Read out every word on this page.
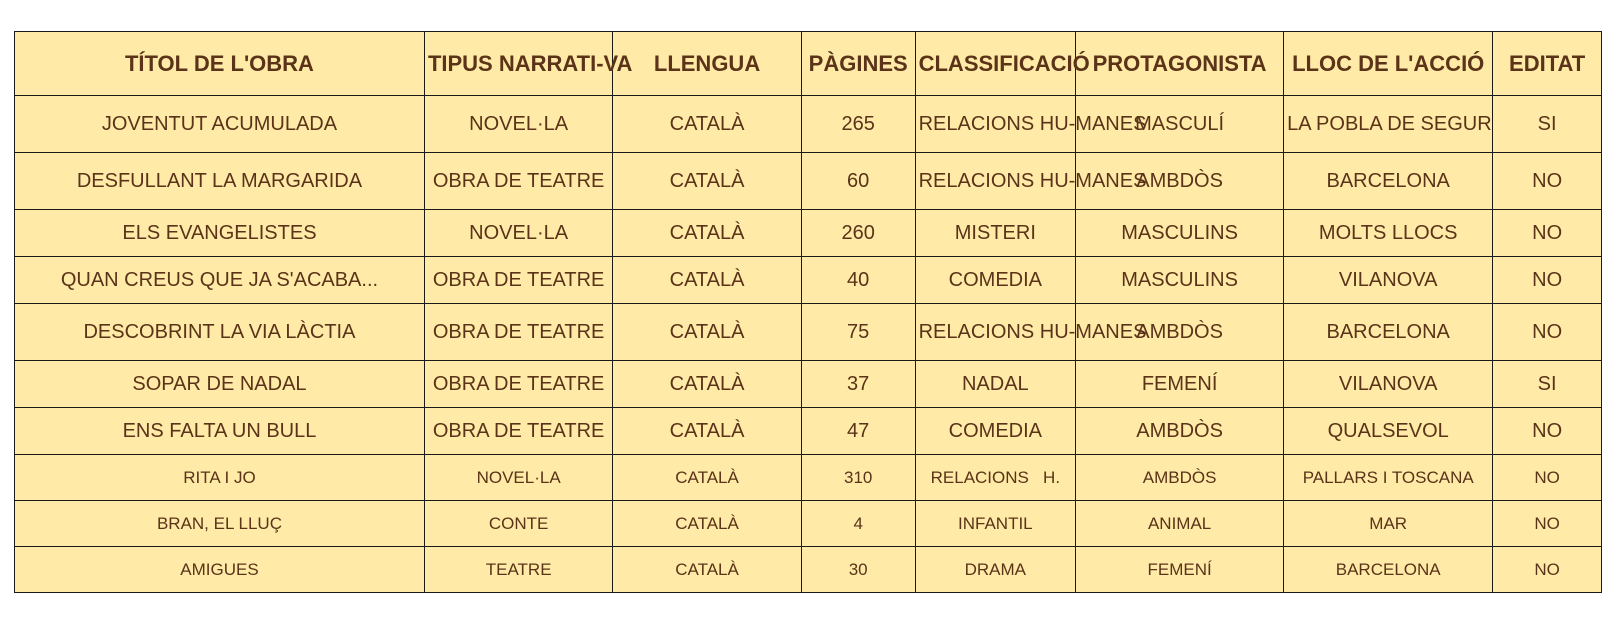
TÍTOL DE L'OBRA	TIPUS NARRATI-VA	LLENGUA	PÀGINES	CLASSIFICACIÓ	PROTAGONISTA	LLOC DE L'ACCIÓ	EDITAT
JOVENTUT ACUMULADA	NOVEL·LA	CATALÀ	265	RELACIONS HU-MANES	MASCULÍ	LA POBLA DE SEGUR	SI
DESFULLANT LA MARGARIDA	OBRA DE TEATRE	CATALÀ	60	RELACIONS HU-MANES	AMBDÒS	BARCELONA	NO
ELS EVANGELISTES	NOVEL·LA	CATALÀ	260	MISTERI	MASCULINS	MOLTS LLOCS	NO
QUAN CREUS QUE JA S'ACABA...	OBRA DE TEATRE	CATALÀ	40	COMEDIA	MASCULINS	VILANOVA	NO
DESCOBRINT LA VIA LÀCTIA	OBRA DE TEATRE	CATALÀ	75	RELACIONS HU-MANES	AMBDÒS	BARCELONA	NO
SOPAR DE NADAL	OBRA DE TEATRE	CATALÀ	37	NADAL	FEMENÍ	VILANOVA	SI
ENS FALTA UN BULL	OBRA DE TEATRE	CATALÀ	47	COMEDIA	AMBDÒS	QUALSEVOL	NO
RITA I JO	NOVEL·LA	CATALÀ	310	RELACIONS   H.	AMBDÒS	PALLARS I TOSCANA	NO
BRAN, EL LLUÇ	CONTE	CATALÀ	4	INFANTIL	ANIMAL	MAR	NO
AMIGUES	TEATRE	CATALÀ	30	DRAMA	FEMENÍ	BARCELONA	NO
